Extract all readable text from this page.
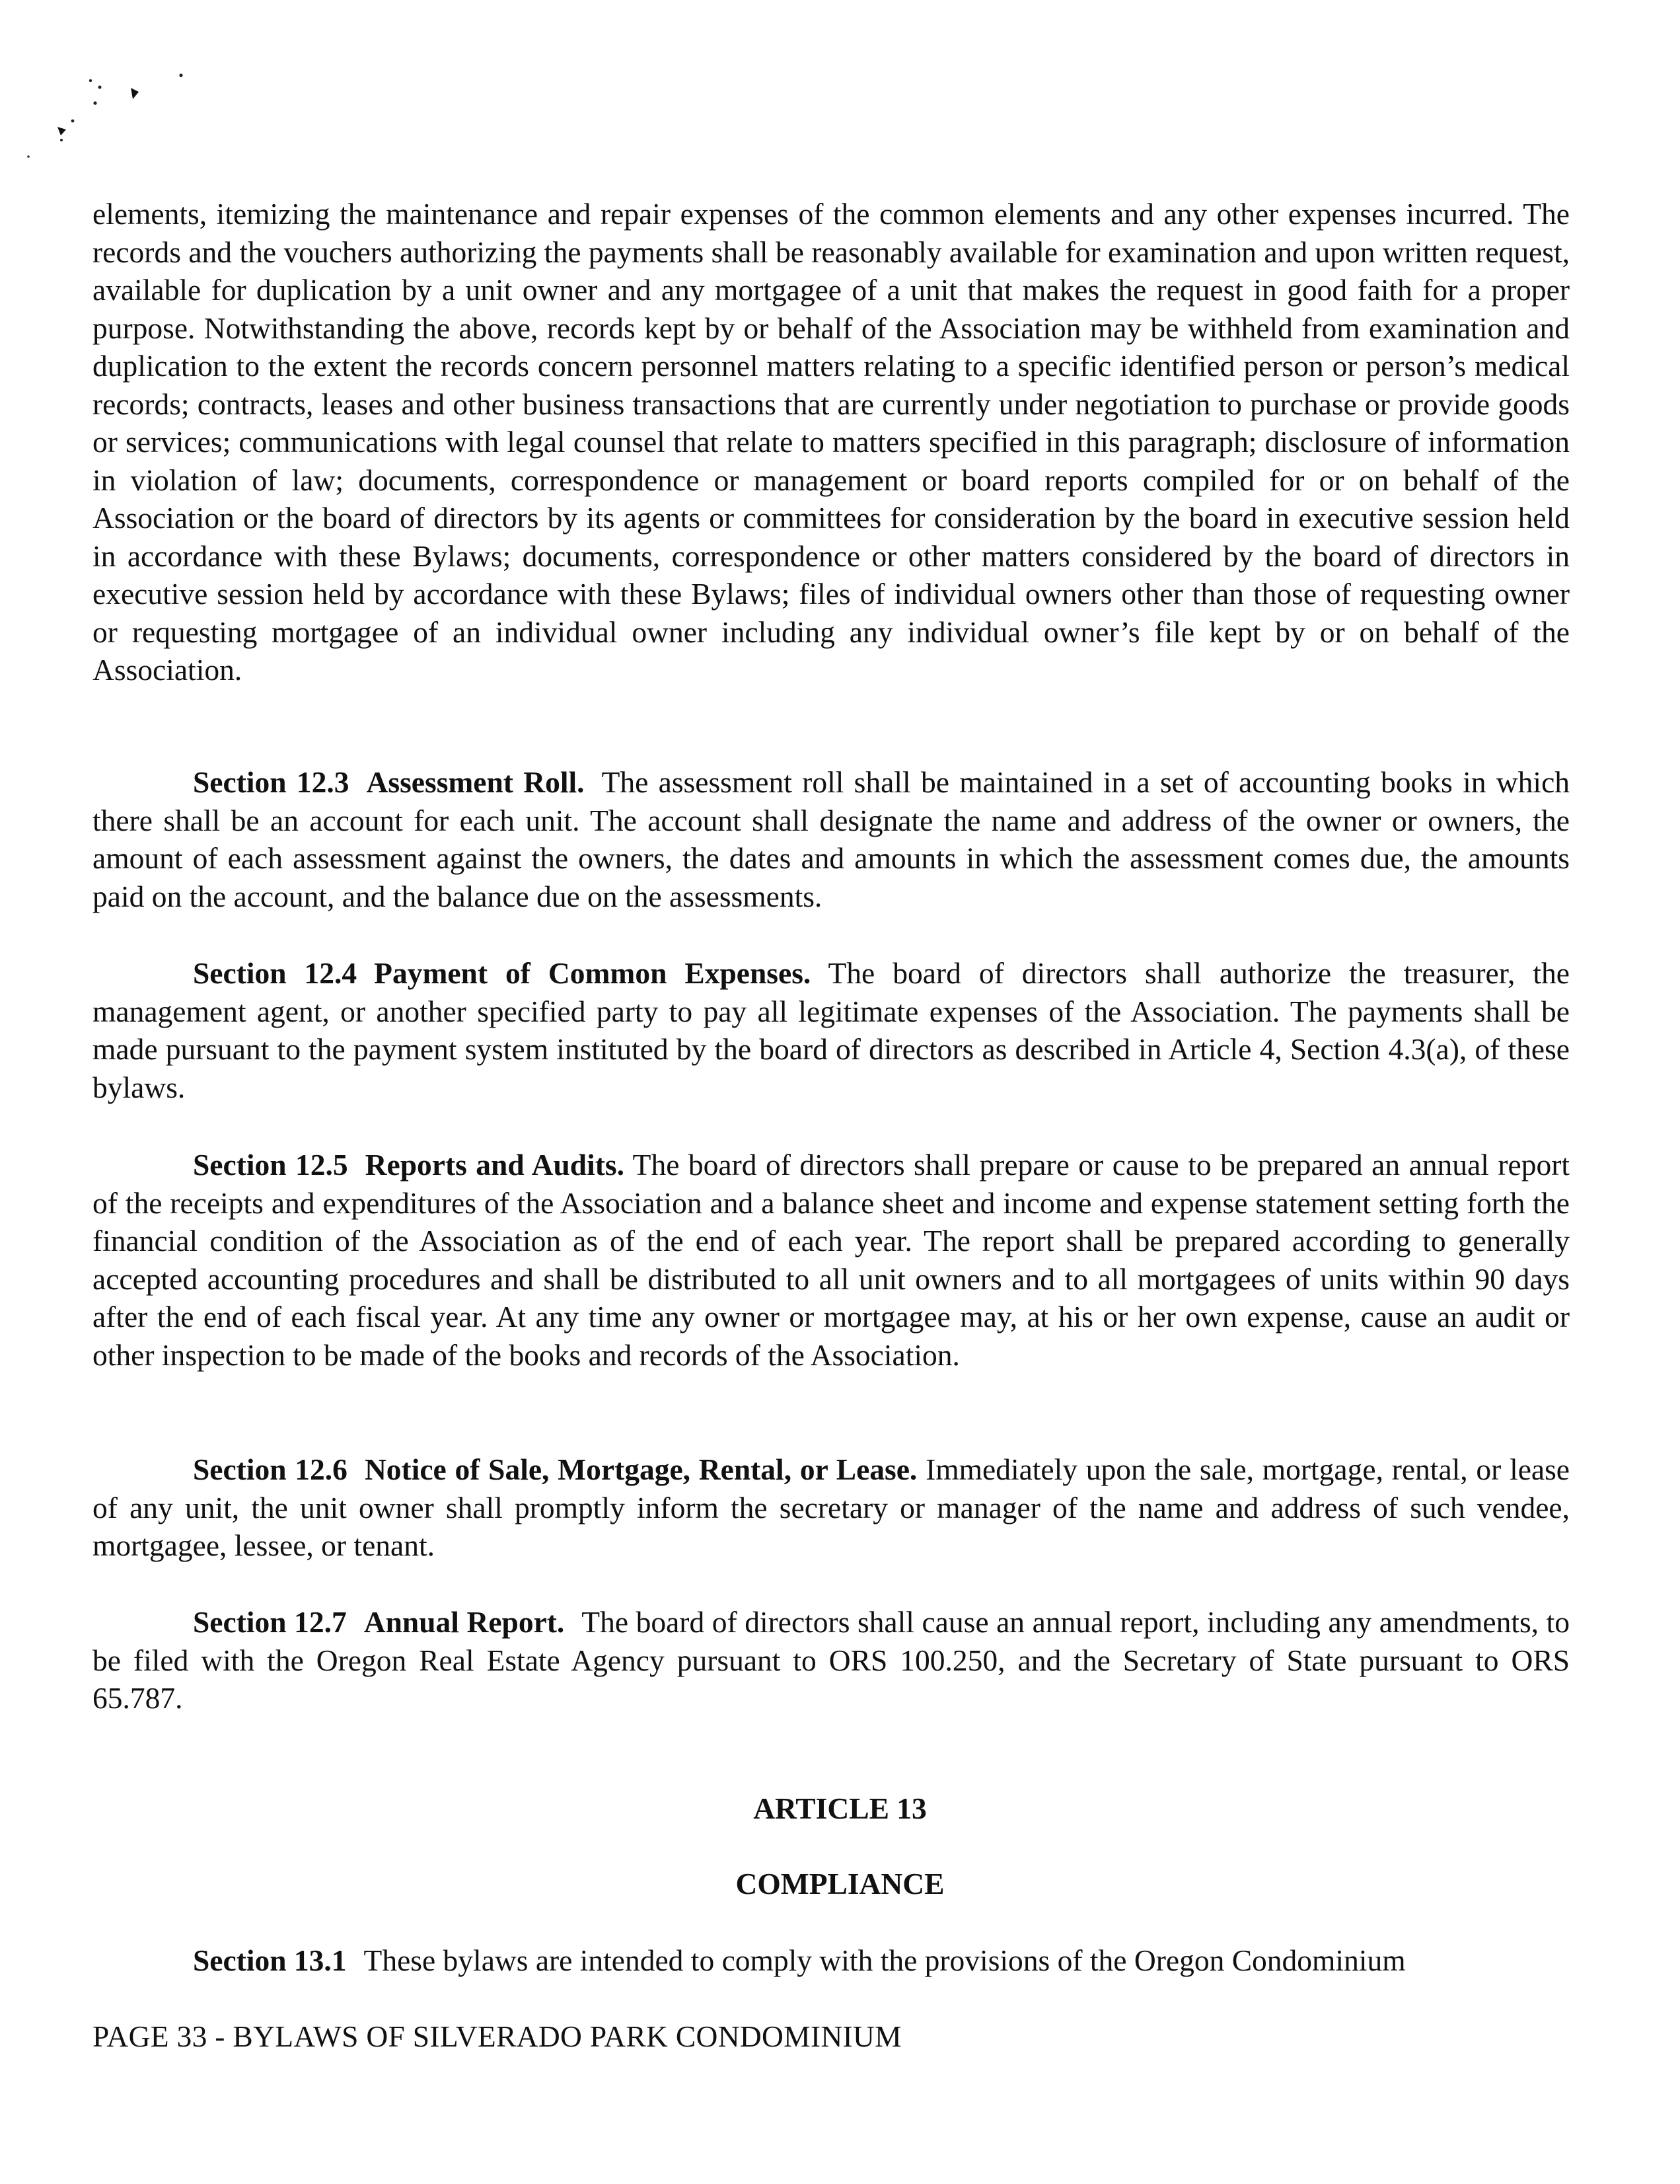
elements, itemizing the maintenance and repair expenses of the common elements and any other expenses incurred. The records and the vouchers authorizing the payments shall be reasonably available for examination and upon written request, available for duplication by a unit owner and any mortgagee of a unit that makes the request in good faith for a proper purpose. Notwithstanding the above, records kept by or behalf of the Association may be withheld from examination and duplication to the extent the records concern personnel matters relating to a specific identified person or person’s medical records; contracts, leases and other business transactions that are currently under negotiation to purchase or provide goods or services; communications with legal counsel that relate to matters specified in this paragraph; disclosure of information in violation of law; documents, correspondence or management or board reports compiled for or on behalf of the Association or the board of directors by its agents or committees for consideration by the board in executive session held in accordance with these Bylaws; documents, correspondence or other matters considered by the board of directors in executive session held by accordance with these Bylaws; files of individual owners other than those of requesting owner or requesting mortgagee of an individual owner including any individual owner’s file kept by or on behalf of the Association.

Section 12.3 Assessment Roll. The assessment roll shall be maintained in a set of accounting books in which there shall be an account for each unit. The account shall designate the name and address of the owner or owners, the amount of each assessment against the owners, the dates and amounts in which the assessment comes due, the amounts paid on the account, and the balance due on the assessments.

Section 12.4 Payment of Common Expenses. The board of directors shall authorize the treasurer, the management agent, or another specified party to pay all legitimate expenses of the Association. The payments shall be made pursuant to the payment system instituted by the board of directors as described in Article 4, Section 4.3(a), of these bylaws.

Section 12.5 Reports and Audits. The board of directors shall prepare or cause to be prepared an annual report of the receipts and expenditures of the Association and a balance sheet and income and expense statement setting forth the financial condition of the Association as of the end of each year. The report shall be prepared according to generally accepted accounting procedures and shall be distributed to all unit owners and to all mortgagees of units within 90 days after the end of each fiscal year. At any time any owner or mortgagee may, at his or her own expense, cause an audit or other inspection to be made of the books and records of the Association.

Section 12.6 Notice of Sale, Mortgage, Rental, or Lease. Immediately upon the sale, mortgage, rental, or lease of any unit, the unit owner shall promptly inform the secretary or manager of the name and address of such vendee, mortgagee, lessee, or tenant.

Section 12.7 Annual Report. The board of directors shall cause an annual report, including any amendments, to be filed with the Oregon Real Estate Agency pursuant to ORS 100.250, and the Secretary of State pursuant to ORS 65.787.

ARTICLE 13
COMPLIANCE

Section 13.1 These bylaws are intended to comply with the provisions of the Oregon Condominium

PAGE 33 - BYLAWS OF SILVERADO PARK CONDOMINIUM
